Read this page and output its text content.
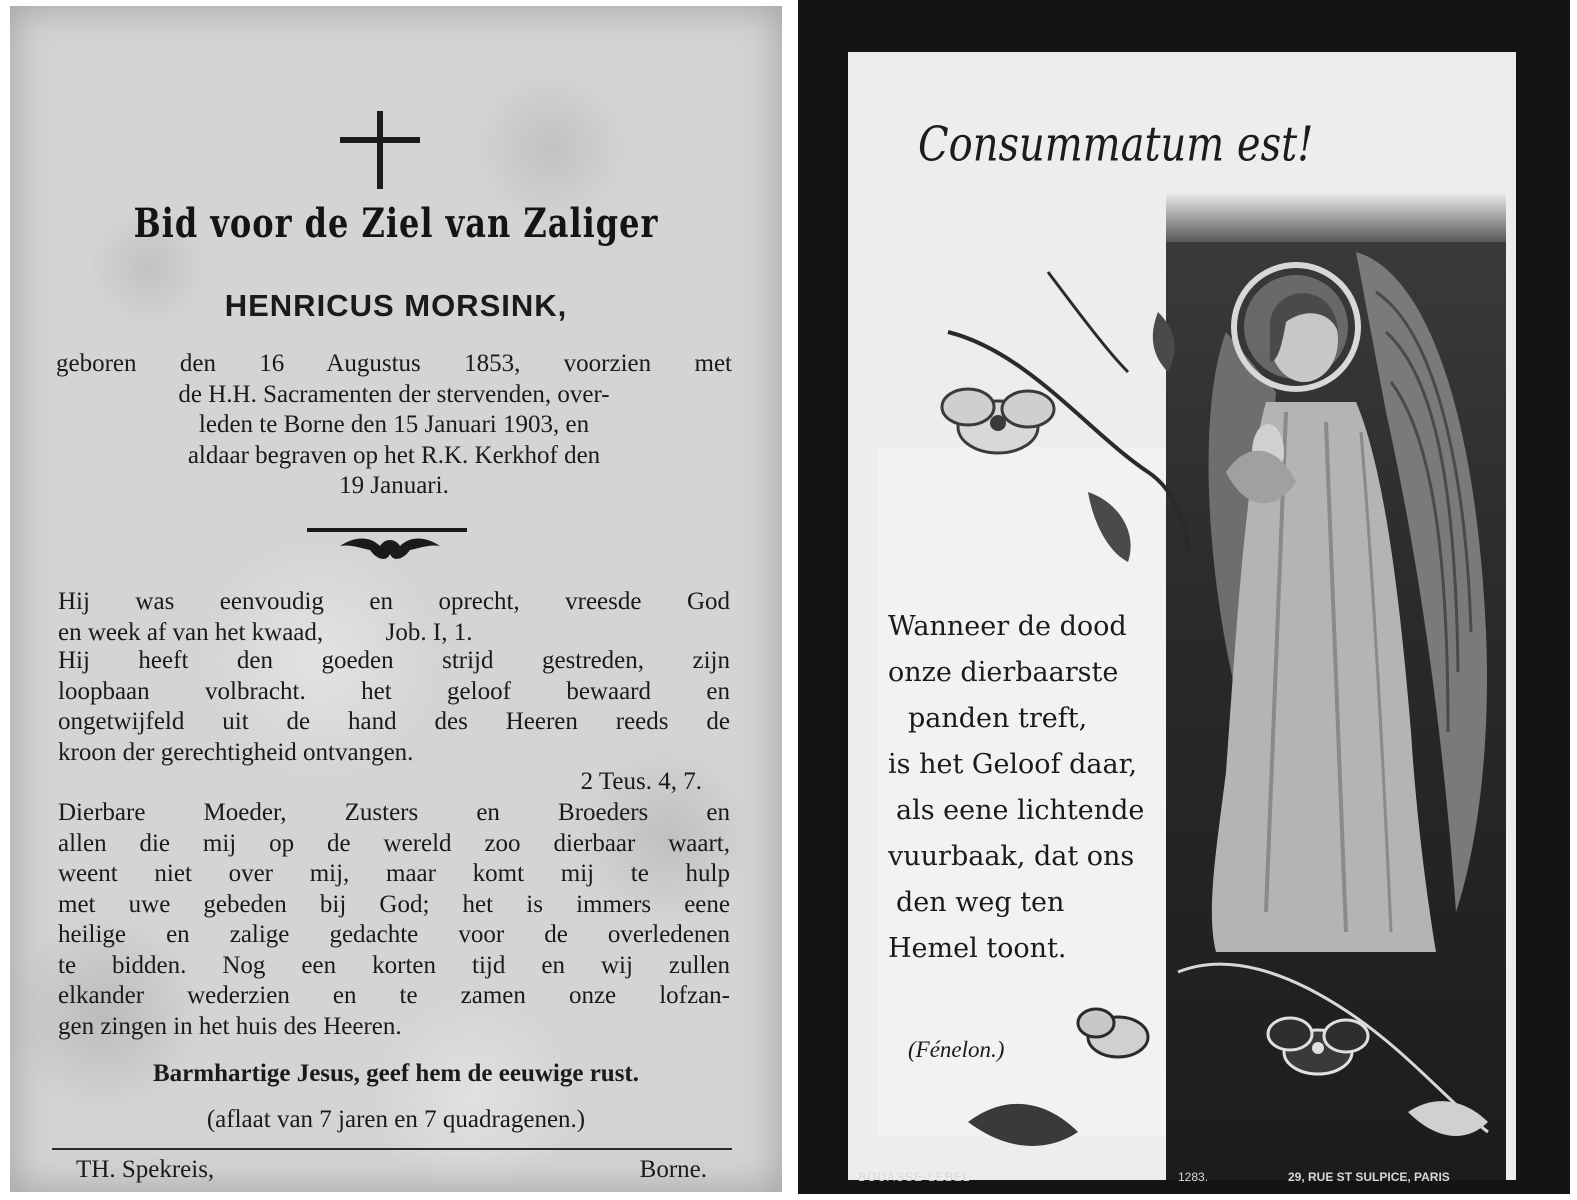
Bid voor de Ziel van Zaliger
HENRICUS MORSINK,
geboren den 16 Augustus 1853, voorzien met
de H.H. Sacramenten der stervenden, over-
leden te Borne den 15 Januari 1903, en
aldaar begraven op het R.K. Kerkhof den
19 Januari.
Hij was eenvoudig en oprecht, vreesde God
en week af van het kwaad,          Job. I, 1.
Hij heeft den goeden strijd gestreden, zijn
loopbaan volbracht. het geloof bewaard en
ongetwijfeld uit de hand des Heeren reeds de
kroon der gerechtigheid ontvangen.
2 Teus. 4, 7.
Dierbare Moeder, Zusters en Broeders en
allen die mij op de wereld zoo dierbaar waart,
weent niet over mij, maar komt mij te hulp
met uwe gebeden bij God; het is immers eene
heilige en zalige gedachte voor de overledenen
te bidden. Nog een korten tijd en wij zullen
elkander wederzien en te zamen onze lofzan-
gen zingen in het huis des Heeren.
Barmhartige Jesus, geef hem de eeuwige rust.
(aflaat van 7 jaren en 7 quadragenen.)
TH. Spekreis,	Borne.
Consummatum est!
Wanneer de dood
onze dierbaarste
panden treft,
is het Geloof daar,
als eene lichtende
vuurbaak, dat ons
den weg ten
Hemel toont.
(Fénelon.)
BOUASSE-LEBEL	1283.	29, RUE ST SULPICE, PARIS
